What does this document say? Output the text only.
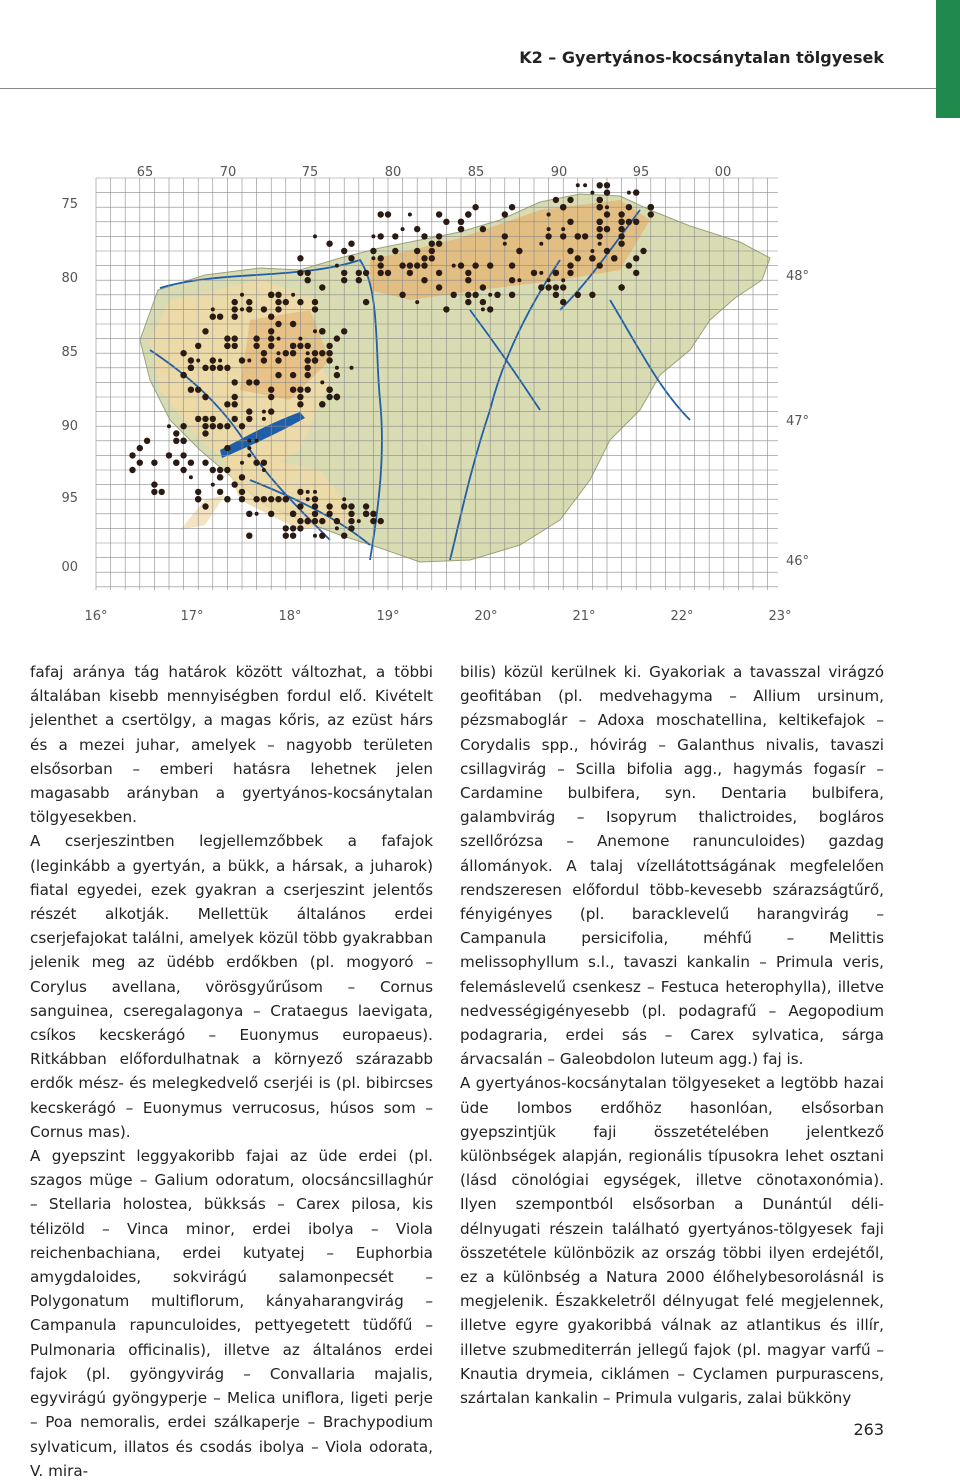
K2 – Gyertyános-kocsánytalan tölgyesek
65	70	75	80	85	90	95	00
75
80
85
90
95
00
48°
47°
46°
16°	17°	18°	19°	20°	21°	22°	23°

fafaj aránya tág határok között változhat, a többi általában kisebb mennyiségben fordul elő. Kivételt jelenthet a csertölgy, a magas kőris, az ezüst hárs és a mezei juhar, amelyek – nagyobb területen elsősorban – emberi hatásra lehetnek jelen magasabb arányban a gyertyános-kocsánytalan tölgyesekben.

A cserjeszintben legjellemzőbbek a fafajok (leginkább a gyertyán, a bükk, a hársak, a juharok) fiatal egyedei, ezek gyakran a cserjeszint jelentős részét alkotják. Mellettük általános erdei cserjefajokat találni, amelyek közül több gyakrabban jelenik meg az üdébb erdőkben (pl. mogyoró – Corylus avellana, vörösgyűrűsom – Cornus sanguinea, cseregalagonya – Crataegus laevigata, csíkos kecskerágó – Euonymus europaeus). Ritkábban előfordulhatnak a környező szárazabb erdők mész- és melegkedvelő cserjéi is (pl. bibircses kecskerágó – Euonymus verrucosus, húsos som – Cornus mas).

A gyepszint leggyakoribb fajai az üde erdei (pl. szagos müge – Galium odoratum, olocsáncsillaghúr – Stellaria holostea, bükksás – Carex pilosa, kis télizöld – Vinca minor, erdei ibolya – Viola reichenbachiana, erdei kutyatej – Euphorbia amygdaloides, sokvirágú salamonpecsét – Polygonatum multiflorum, kányaharangvirág – Campanula rapunculoides, pettyegetett tüdőfű – Pulmonaria officinalis), illetve az általános erdei fajok (pl. gyöngyvirág – Convallaria majalis, egyvirágú gyöngyperje – Melica uniflora, ligeti perje – Poa nemoralis, erdei szálkaperje – Brachypodium sylvaticum, illatos és csodás ibolya – Viola odorata, V. mira-

bilis) közül kerülnek ki. Gyakoriak a tavasszal virágzó geofitában (pl. medvehagyma – Allium ursinum, pézsmaboglár – Adoxa moschatellina, keltikefajok – Corydalis spp., hóvirág – Galanthus nivalis, tavaszi csillagvirág – Scilla bifolia agg., hagymás fogasír – Cardamine bulbifera, syn. Dentaria bulbifera, galambvirág – Isopyrum thalictroides, bogláros szellőrózsa – Anemone ranunculoides) gazdag állományok. A talaj vízellátottságának megfelelően rendszeresen előfordul több-kevesebb szárazságtűrő, fényigényes (pl. baracklevelű harangvirág – Campanula persicifolia, méhfű – Melittis melissophyllum s.l., tavaszi kankalin – Primula veris, felemáslevelű csenkesz – Festuca heterophylla), illetve nedvességigényesebb (pl. podagrafű – Aegopodium podagraria, erdei sás – Carex sylvatica, sárga árvacsalán – Galeobdolon luteum agg.) faj is.

A gyertyános-kocsánytalan tölgyeseket a legtöbb hazai üde lombos erdőhöz hasonlóan, elsősorban gyepszintjük faji összetételében jelentkező különbségek alapján, regionális típusokra lehet osztani (lásd cönológiai egységek, illetve cönotaxonómia). Ilyen szempontból elsősorban a Dunántúl déli-délnyugati részein található gyertyános-tölgyesek faji összetétele különbözik az ország többi ilyen erdejétől, ez a különbség a Natura 2000 élőhelybesorolásnál is megjelenik. Északkeletről délnyugat felé megjelennek, illetve egyre gyakoribbá válnak az atlantikus és illír, illetve szubmediterrán jellegű fajok (pl. magyar varfű – Knautia drymeia, ciklámen – Cyclamen purpurascens, szártalan kankalin – Primula vulgaris, zalai bükköny

263
